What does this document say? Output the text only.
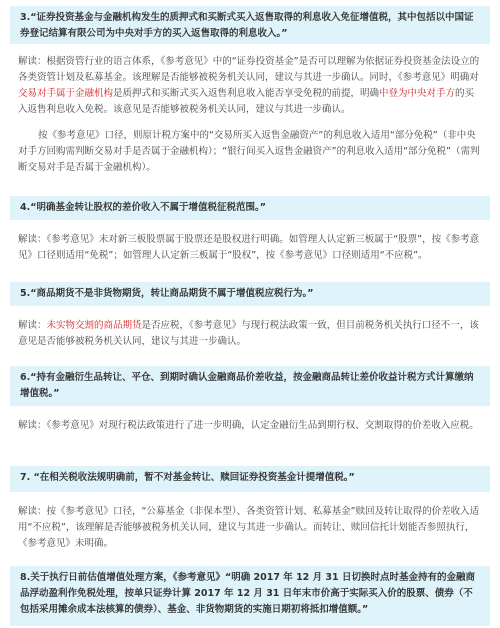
3.“证券投资基金与金融机构发生的质押式和买断式买入返售取得的利息收入免征增值税，其中包括以中国证券登记结算有限公司为中央对手方的买入返售取得的利息收入。”
解读：根据资管行业的语言体系，《参考意见》中的“证券投资基金”是否可以理解为依据证券投资基金法设立的各类资管计划及私募基金。该理解是否能够被税务机关认同，建议与其进一步确认。同时，《参考意见》明确对交易对手属于金融机构是质押式和买断式买入返售利息收入能否享受免税的前提，明确中登为中央对手方的买入返售利息收入免税。该意见是否能够被税务机关认同，建议与其进一步确认。
按《参考意见》口径，则原计税方案中的“交易所买入返售金融资产”的利息收入适用“部分免税”（非中央对手方回购需判断交易对手是否属于金融机构）；“银行间买入返售金融资产”的利息收入适用“部分免税”（需判断交易对手是否属于金融机构）。
4.“明确基金转让股权的差价收入不属于增值税征税范围。”
解读：《参考意见》未对新三板股票属于股票还是股权进行明确。如管理人认定新三板属于“股票”，按《参考意见》口径则适用“免税”；如管理人认定新三板属于“股权”，按《参考意见》口径则适用“不应税”。
5.“商品期货不是非货物期货，转让商品期货不属于增值税应税行为。”
解读：未实物交割的商品期货是否应税，《参考意见》与现行税法政策一致，但目前税务机关执行口径不一，该意见是否能够被税务机关认同，建议与其进一步确认。
6.“持有金融衍生品转让、平仓、到期时确认金融商品价差收益，按金融商品转让差价收益计税方式计算缴纳增值税。”
解读：《参考意见》对现行税法政策进行了进一步明确，认定金融衍生品到期行权、交割取得的价差收入应税。
7. “在相关税收法规明确前，暂不对基金转让、赎回证券投资基金计提增值税。”
解读：按《参考意见》口径，“公募基金（非保本型）、各类资管计划、私募基金”赎回及转让取得的价差收入适用“不应税”，该理解是否能够被税务机关认同，建议与其进一步确认。而转让、赎回信托计划能否参照执行，《参考意见》未明确。
8.关于执行日前估值增值处理方案，《参考意见》“明确 2017 年 12 月 31 日切换时点时基金持有的金融商品浮动盈利作免税处理，按单只证券计算 2017 年 12 月 31 日年末市价高于实际买入价的股票、债券（不包括采用摊余成本法核算的债券）、基金、非货物期货的实施日期初将抵扣增值额。”
